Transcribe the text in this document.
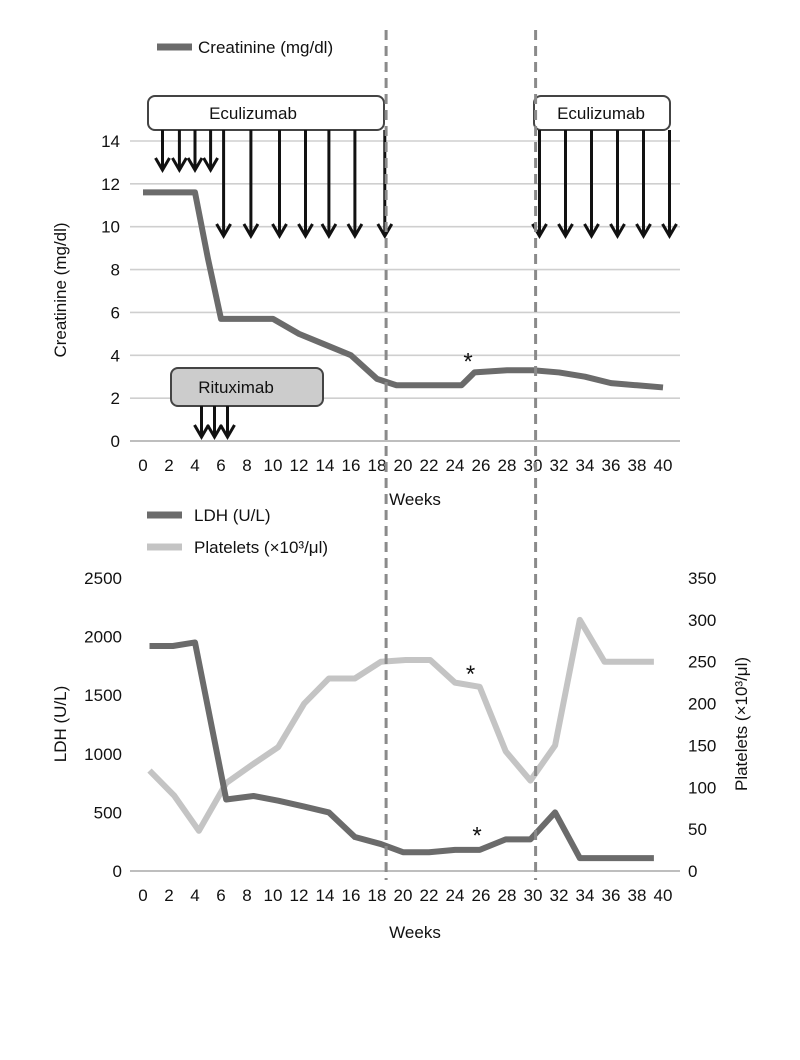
Creatinine (mg/dl)
0
2
4
6
8
10
12
14
0 2 4 6 8 10 12 14 16 18 20 22 24 26 28 30 32 34 36 38 40
Creatinine (mg/dl)
Weeks
Eculizumab	Eculizumab
Rituximab
*
LDH (U/L)
Platelets (×10³/μl)
0
500
1000
1500
2000
2500
0
50
100
150
200
250
300
350
0 2 4 6 8 10 12 14 16 18 20 22 24 26 28 30 32 34 36 38 40
LDH (U/L)	Platelets (×10³/μl)
Weeks
*
*
